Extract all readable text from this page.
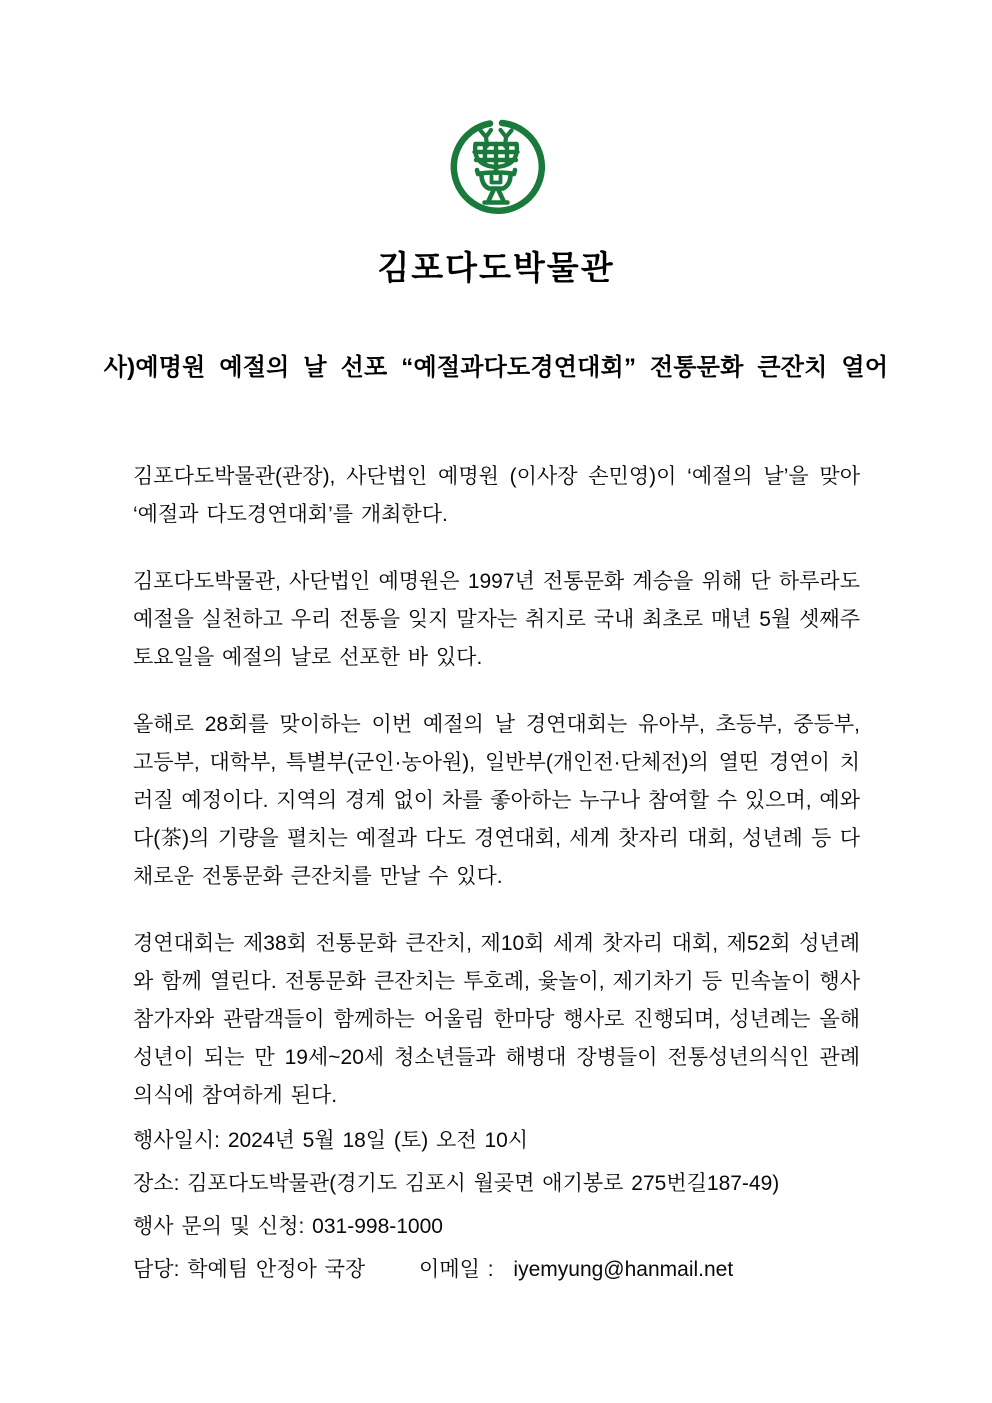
김포다도박물관
사)예명원 예절의 날 선포 “예절과다도경연대회” 전통문화 큰잔치 열어

김포다도박물관(관장), 사단법인 예명원 (이사장 손민영)이 ‘예절의 날’을 맞아 ‘예절과 다도경연대회’를 개최한다.

김포다도박물관, 사단법인 예명원은 1997년 전통문화 계승을 위해 단 하루라도 예절을 실천하고 우리 전통을 잊지 말자는 취지로 국내 최초로 매년 5월 셋째주 토요일을 예절의 날로 선포한 바 있다.

올해로 28회를 맞이하는 이번 예절의 날 경연대회는 유아부, 초등부, 중등부, 고등부, 대학부, 특별부(군인·농아원), 일반부(개인전·단체전)의 열띤 경연이 치러질 예정이다. 지역의 경계 없이 차를 좋아하는 누구나 참여할 수 있으며, 예와 다(茶)의 기량을 펼치는 예절과 다도 경연대회, 세계 찻자리 대회, 성년례 등 다채로운 전통문화 큰잔치를 만날 수 있다.

경연대회는 제38회 전통문화 큰잔치, 제10회 세계 찻자리 대회, 제52회 성년례와 함께 열린다. 전통문화 큰잔치는 투호례, 윷놀이, 제기차기 등 민속놀이 행사 참가자와 관람객들이 함께하는 어울림 한마당 행사로 진행되며, 성년례는 올해 성년이 되는 만 19세~20세 청소년들과 해병대 장병들이 전통성년의식인 관례의식에 참여하게 된다.

행사일시: 2024년 5월 18일 (토) 오전 10시

장소: 김포다도박물관(경기도 김포시 월곶면 애기봉로 275번길187-49)

행사 문의 및 신청: 031-998-1000

담당: 학예팀 안정아 국장	이메일 : iyemyung@hanmail.net
